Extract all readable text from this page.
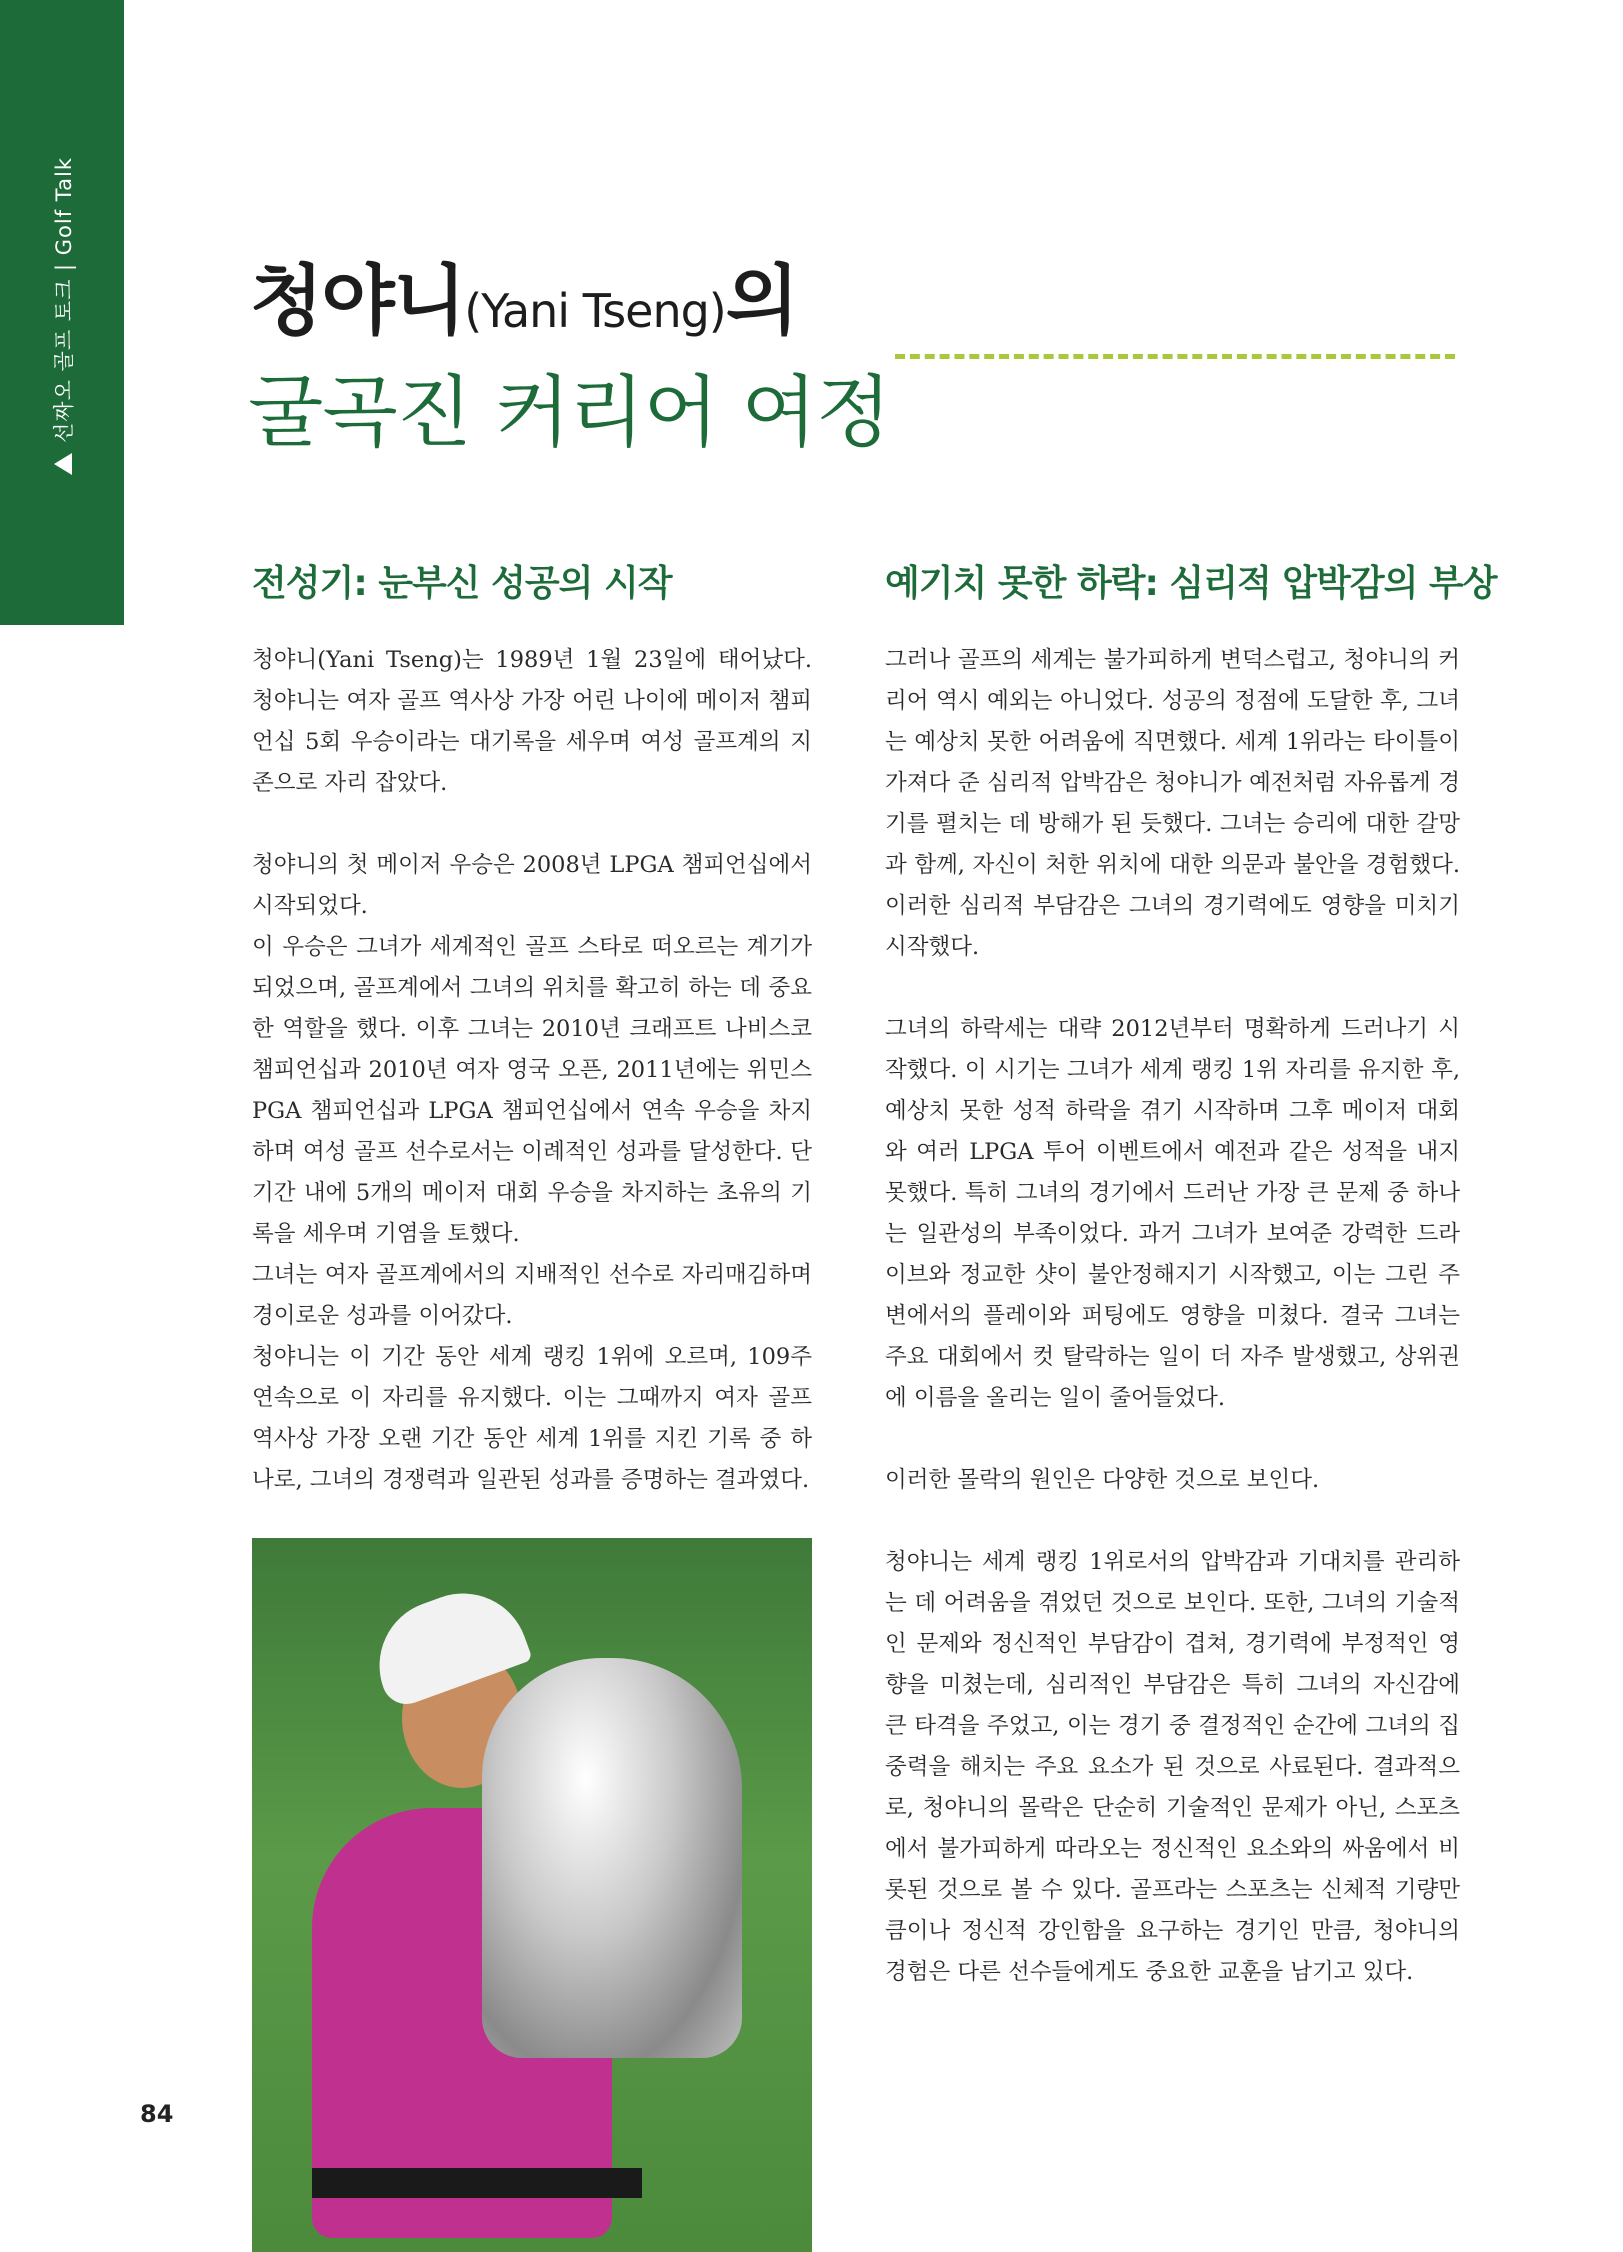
선짜오 골프 토크 | Golf Talk 청야니(Yani Tseng)의
굴곡진 커리어 여정
전성기: 눈부신 성공의 시작

청야니(Yani Tseng)는 1989년 1월 23일에 태어났다. 청야니는 여자 골프 역사상 가장 어린 나이에 메이저 챔피언십 5회 우승이라는 대기록을 세우며 여성 골프계의 지존으로 자리 잡았다.

청야니의 첫 메이저 우승은 2008년 LPGA 챔피언십에서 시작되었다.

이 우승은 그녀가 세계적인 골프 스타로 떠오르는 계기가 되었으며, 골프계에서 그녀의 위치를 확고히 하는 데 중요한 역할을 했다. 이후 그녀는 2010년 크래프트 나비스코 챔피언십과 2010년 여자 영국 오픈, 2011년에는 위민스 PGA 챔피언십과 LPGA 챔피언십에서 연속 우승을 차지하며 여성 골프 선수로서는 이례적인 성과를 달성한다. 단기간 내에 5개의 메이저 대회 우승을 차지하는 초유의 기록을 세우며 기염을 토했다.

그녀는 여자 골프계에서의 지배적인 선수로 자리매김하며 경이로운 성과를 이어갔다.

청야니는 이 기간 동안 세계 랭킹 1위에 오르며, 109주 연속으로 이 자리를 유지했다. 이는 그때까지 여자 골프 역사상 가장 오랜 기간 동안 세계 1위를 지킨 기록 중 하나로, 그녀의 경쟁력과 일관된 성과를 증명하는 결과였다.

예기치 못한 하락: 심리적 압박감의 부상

그러나 골프의 세계는 불가피하게 변덕스럽고, 청야니의 커리어 역시 예외는 아니었다. 성공의 정점에 도달한 후, 그녀는 예상치 못한 어려움에 직면했다. 세계 1위라는 타이틀이 가져다 준 심리적 압박감은 청야니가 예전처럼 자유롭게 경기를 펼치는 데 방해가 된 듯했다. 그녀는 승리에 대한 갈망과 함께, 자신이 처한 위치에 대한 의문과 불안을 경험했다. 이러한 심리적 부담감은 그녀의 경기력에도 영향을 미치기 시작했다.

그녀의 하락세는 대략 2012년부터 명확하게 드러나기 시작했다. 이 시기는 그녀가 세계 랭킹 1위 자리를 유지한 후, 예상치 못한 성적 하락을 겪기 시작하며 그후 메이저 대회와 여러 LPGA 투어 이벤트에서 예전과 같은 성적을 내지 못했다. 특히 그녀의 경기에서 드러난 가장 큰 문제 중 하나는 일관성의 부족이었다. 과거 그녀가 보여준 강력한 드라이브와 정교한 샷이 불안정해지기 시작했고, 이는 그린 주변에서의 플레이와 퍼팅에도 영향을 미쳤다. 결국 그녀는 주요 대회에서 컷 탈락하는 일이 더 자주 발생했고, 상위권에 이름을 올리는 일이 줄어들었다.

이러한 몰락의 원인은 다양한 것으로 보인다.

청야니는 세계 랭킹 1위로서의 압박감과 기대치를 관리하는 데 어려움을 겪었던 것으로 보인다. 또한, 그녀의 기술적인 문제와 정신적인 부담감이 겹쳐, 경기력에 부정적인 영향을 미쳤는데, 심리적인 부담감은 특히 그녀의 자신감에 큰 타격을 주었고, 이는 경기 중 결정적인 순간에 그녀의 집중력을 해치는 주요 요소가 된 것으로 사료된다. 결과적으로, 청야니의 몰락은 단순히 기술적인 문제가 아닌, 스포츠에서 불가피하게 따라오는 정신적인 요소와의 싸움에서 비롯된 것으로 볼 수 있다. 골프라는 스포츠는 신체적 기량만큼이나 정신적 강인함을 요구하는 경기인 만큼, 청야니의 경험은 다른 선수들에게도 중요한 교훈을 남기고 있다.

84
